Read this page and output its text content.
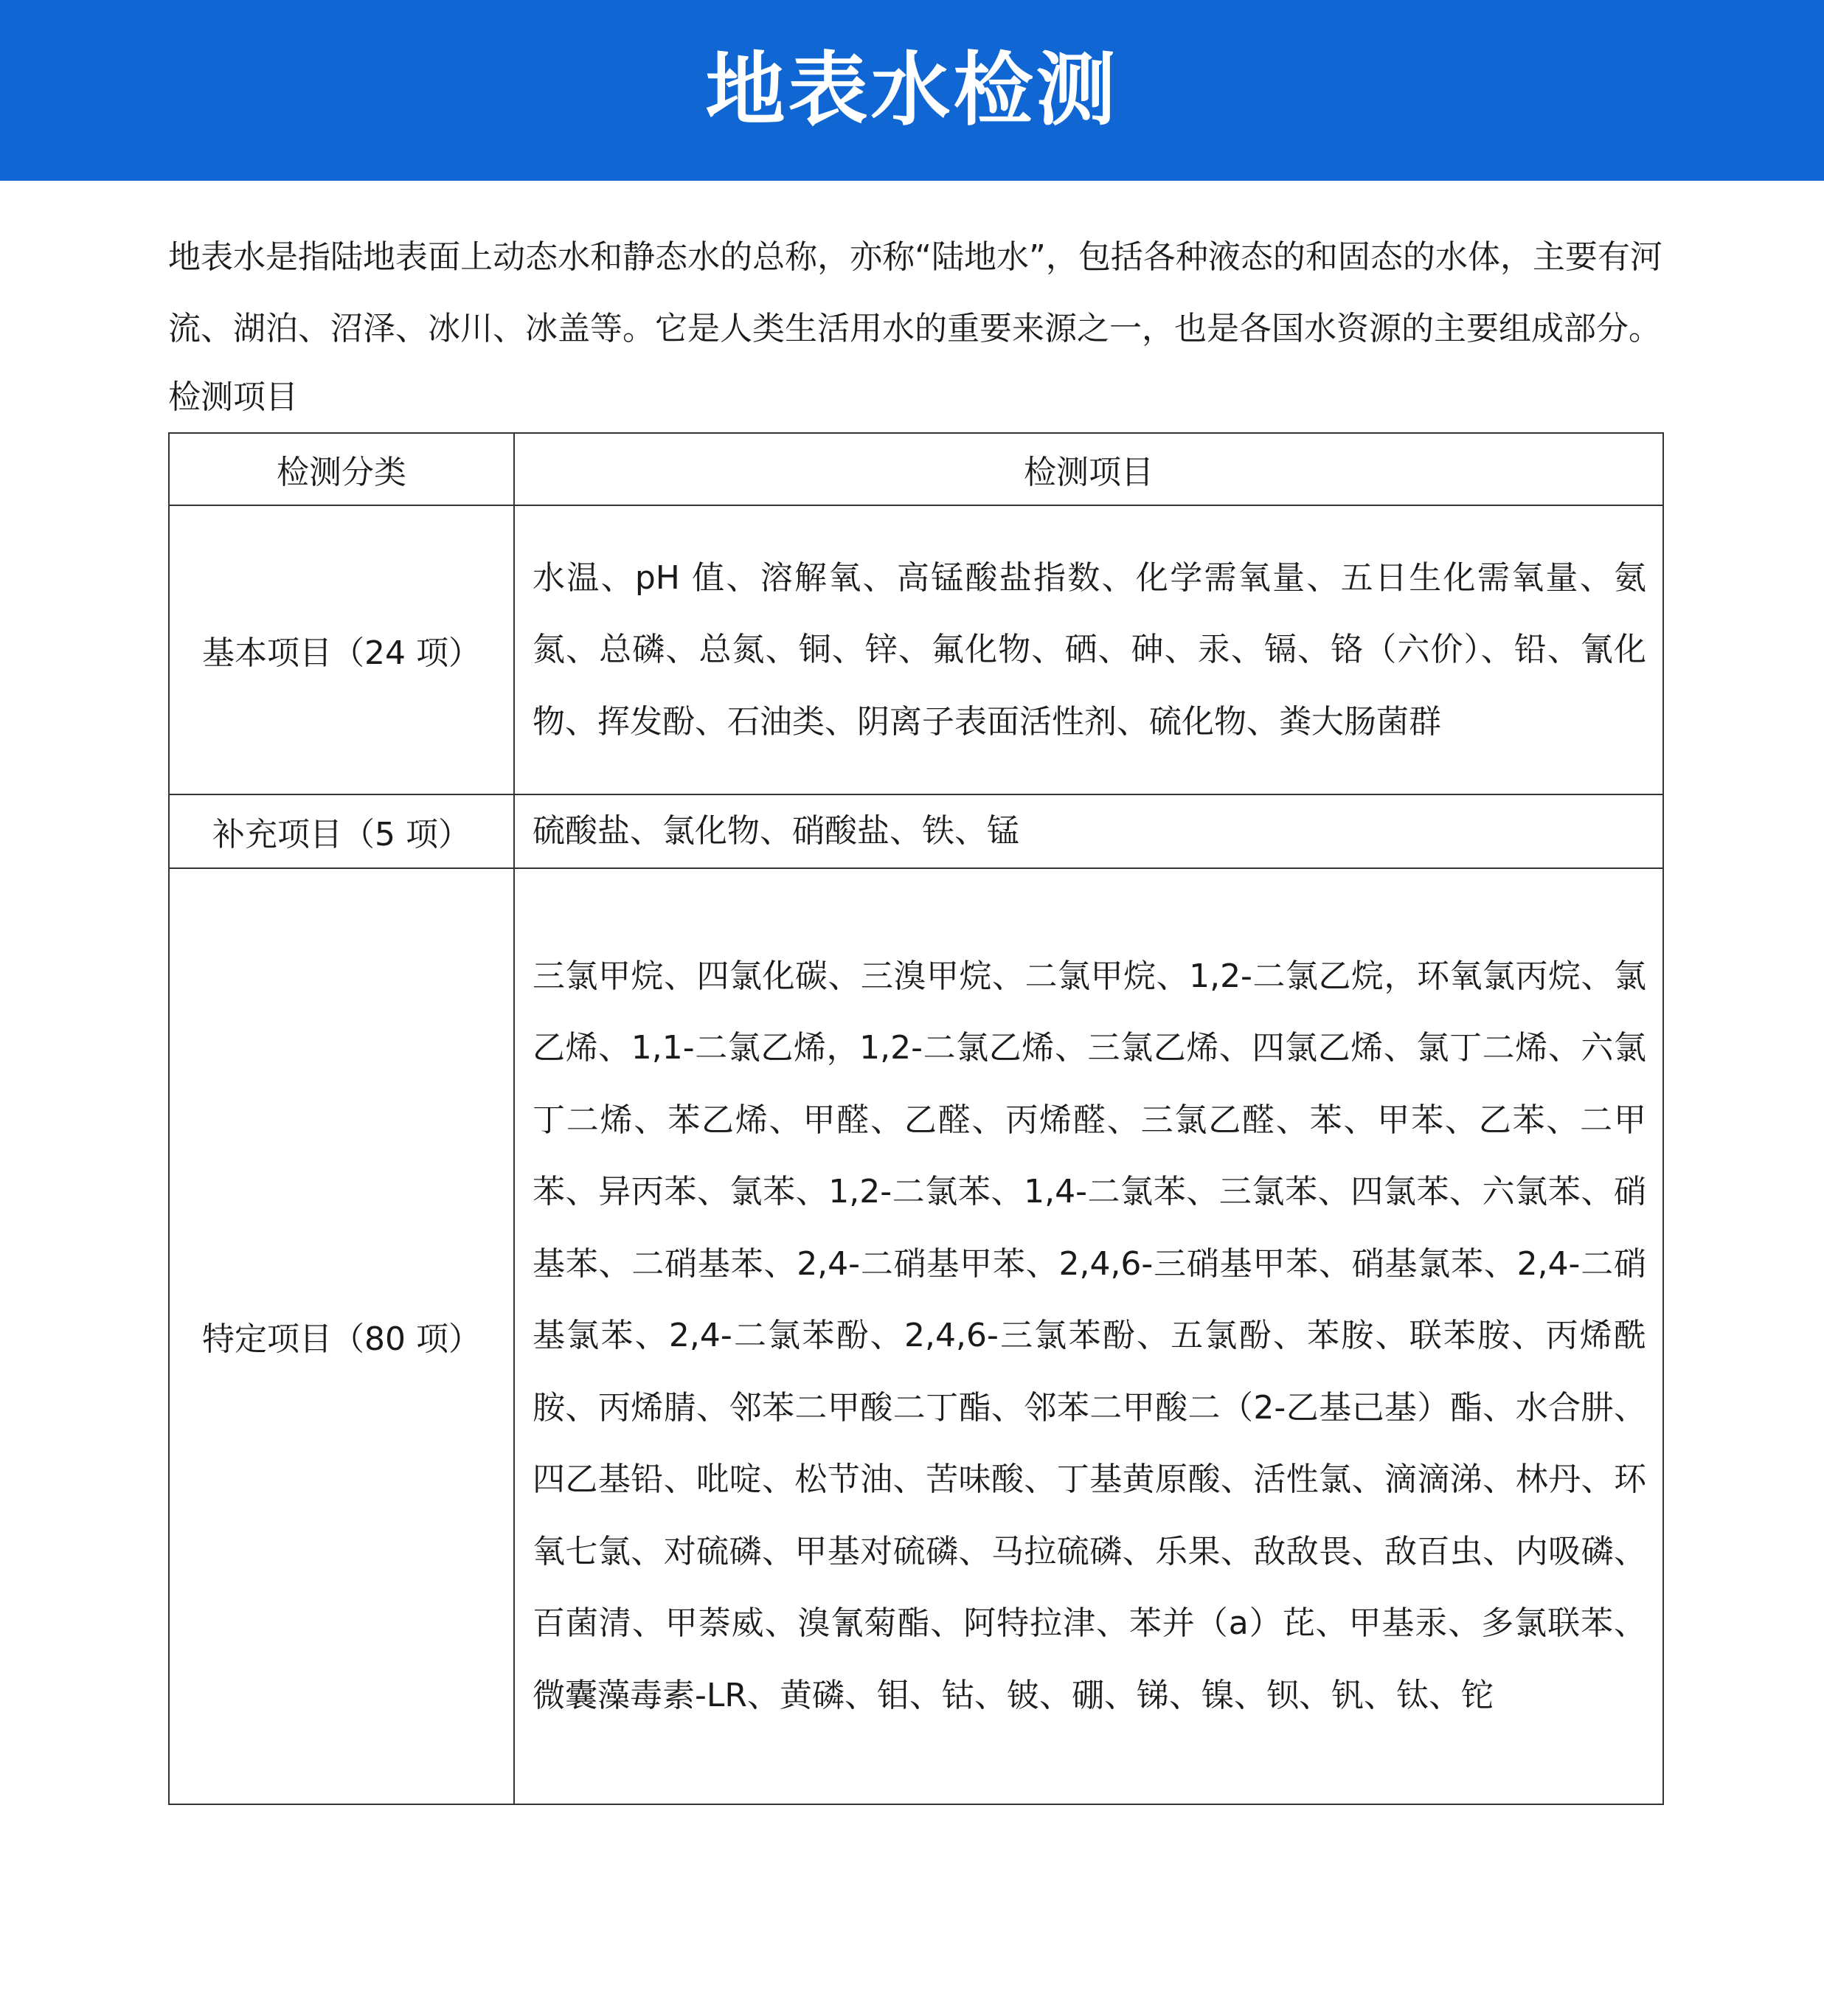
地表水检测

地表水是指陆地表面上动态水和静态水的总称，亦称“陆地水”，包括各种液态的和固态的水体，主要有河流、湖泊、沼泽、冰川、冰盖等。它是人类生活用水的重要来源之一，也是各国水资源的主要组成部分。

检测项目

检测分类	检测项目
基本项目（24 项）	水温、pH 值、溶解氧、高锰酸盐指数、化学需氧量、五日生化需氧量、氨氮、总磷、总氮、铜、锌、氟化物、硒、砷、汞、镉、铬（六价）、铅、氰化物、挥发酚、石油类、阴离子表面活性剂、硫化物、粪大肠菌群
补充项目（5 项）	硫酸盐、氯化物、硝酸盐、铁、锰
特定项目（80 项）	三氯甲烷、四氯化碳、三溴甲烷、二氯甲烷、1,2-二氯乙烷，环氧氯丙烷、氯乙烯、1,1-二氯乙烯，1,2-二氯乙烯、三氯乙烯、四氯乙烯、氯丁二烯、六氯丁二烯、苯乙烯、甲醛、乙醛、丙烯醛、三氯乙醛、苯、甲苯、乙苯、二甲苯、异丙苯、氯苯、1,2-二氯苯、1,4-二氯苯、三氯苯、四氯苯、六氯苯、硝基苯、二硝基苯、2,4-二硝基甲苯、2,4,6-三硝基甲苯、硝基氯苯、2,4-二硝基氯苯、2,4-二氯苯酚、2,4,6-三氯苯酚、五氯酚、苯胺、联苯胺、丙烯酰胺、丙烯腈、邻苯二甲酸二丁酯、邻苯二甲酸二（2-乙基己基）酯、水合肼、四乙基铅、吡啶、松节油、苦味酸、丁基黄原酸、活性氯、滴滴涕、林丹、环氧七氯、对硫磷、甲基对硫磷、马拉硫磷、乐果、敌敌畏、敌百虫、内吸磷、百菌清、甲萘威、溴氰菊酯、阿特拉津、苯并（a）芘、甲基汞、多氯联苯、微囊藻毒素-LR、黄磷、钼、钴、铍、硼、锑、镍、钡、钒、钛、铊
